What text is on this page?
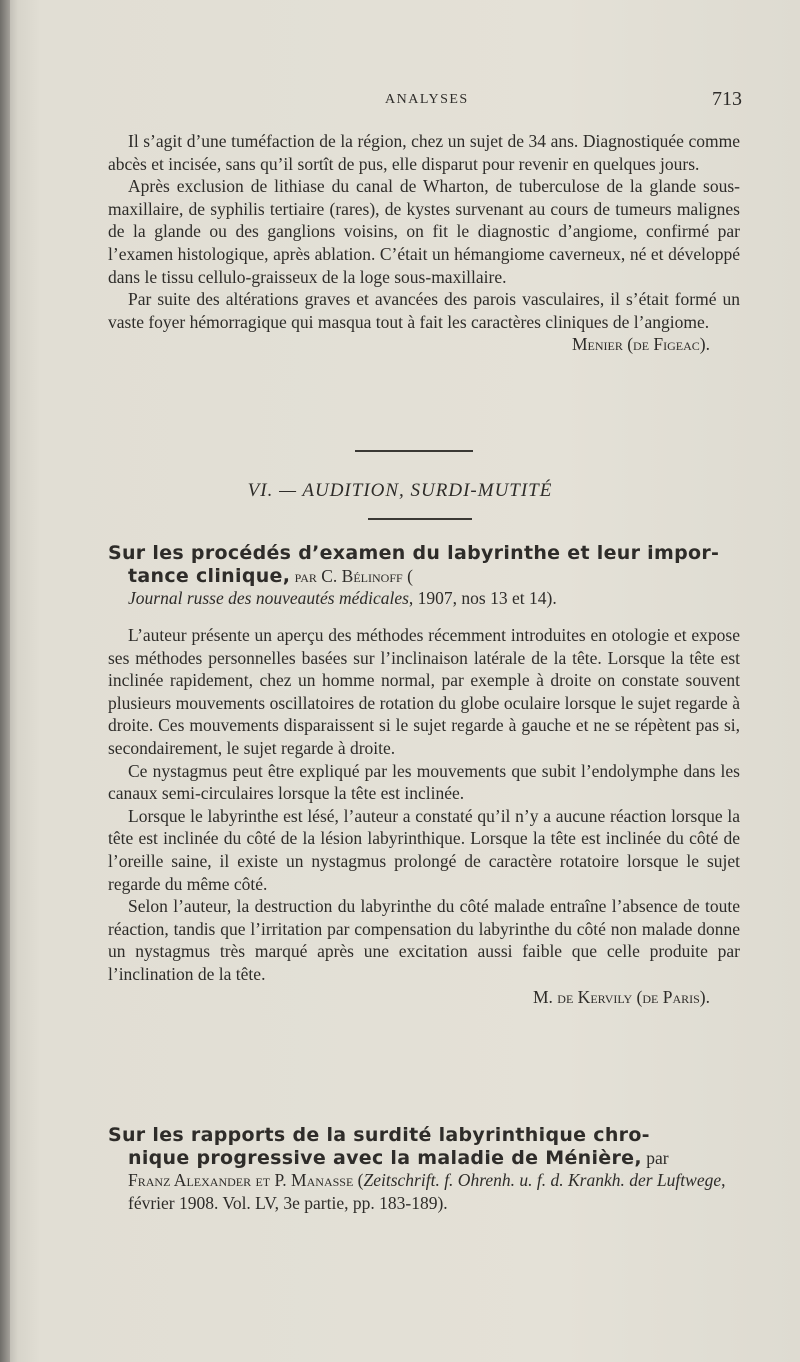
ANALYSES	713

Il s’agit d’une tuméfaction de la région, chez un sujet de 34 ans. Diagnostiquée comme abcès et incisée, sans qu’il sortît de pus, elle disparut pour revenir en quelques jours.

Après exclusion de lithiase du canal de Wharton, de tuberculose de la glande sous-maxillaire, de syphilis tertiaire (rares), de kystes survenant au cours de tumeurs malignes de la glande ou des ganglions voisins, on fit le diagnostic d’angiome, confirmé par l’examen histologique, après ablation. C’était un hémangiome caverneux, né et développé dans le tissu cellulo-graisseux de la loge sous-maxillaire.

Par suite des altérations graves et avancées des parois vasculaires, il s’était formé un vaste foyer hémorragique qui masqua tout à fait les caractères cliniques de l’angiome.

Menier (de Figeac).
VI. — AUDITION, SURDI-MUTITÉ
Sur les procédés d’examen du labyrinthe et leur impor-
tance clinique, par C. Bélinoff (
Journal russe des nouveautés médicales, 1907, nos 13 et 14).

L’auteur présente un aperçu des méthodes récemment introduites en otologie et expose ses méthodes personnelles basées sur l’inclinaison latérale de la tête. Lorsque la tête est inclinée rapidement, chez un homme normal, par exemple à droite on constate souvent plusieurs mouvements oscillatoires de rotation du globe oculaire lorsque le sujet regarde à droite. Ces mouvements disparaissent si le sujet regarde à gauche et ne se répètent pas si, secondairement, le sujet regarde à droite.

Ce nystagmus peut être expliqué par les mouvements que subit l’endolymphe dans les canaux semi-circulaires lorsque la tête est inclinée.

Lorsque le labyrinthe est lésé, l’auteur a constaté qu’il n’y a aucune réaction lorsque la tête est inclinée du côté de la lésion labyrinthique. Lorsque la tête est inclinée du côté de l’oreille saine, il existe un nystagmus prolongé de caractère rotatoire lorsque le sujet regarde du même côté.

Selon l’auteur, la destruction du labyrinthe du côté malade entraîne l’absence de toute réaction, tandis que l’irritation par compensation du labyrinthe du côté non malade donne un nystagmus très marqué après une excitation aussi faible que celle produite par l’inclination de la tête.

M. de Kervily (de Paris).
Sur les rapports de la surdité labyrinthique chro-
nique progressive avec la maladie de Ménière, par
Franz Alexander et P. Manasse (Zeitschrift. f. Ohrenh. u. f. d. Krankh. der Luftwege, février 1908. Vol. LV, 3e partie, pp. 183-189).
